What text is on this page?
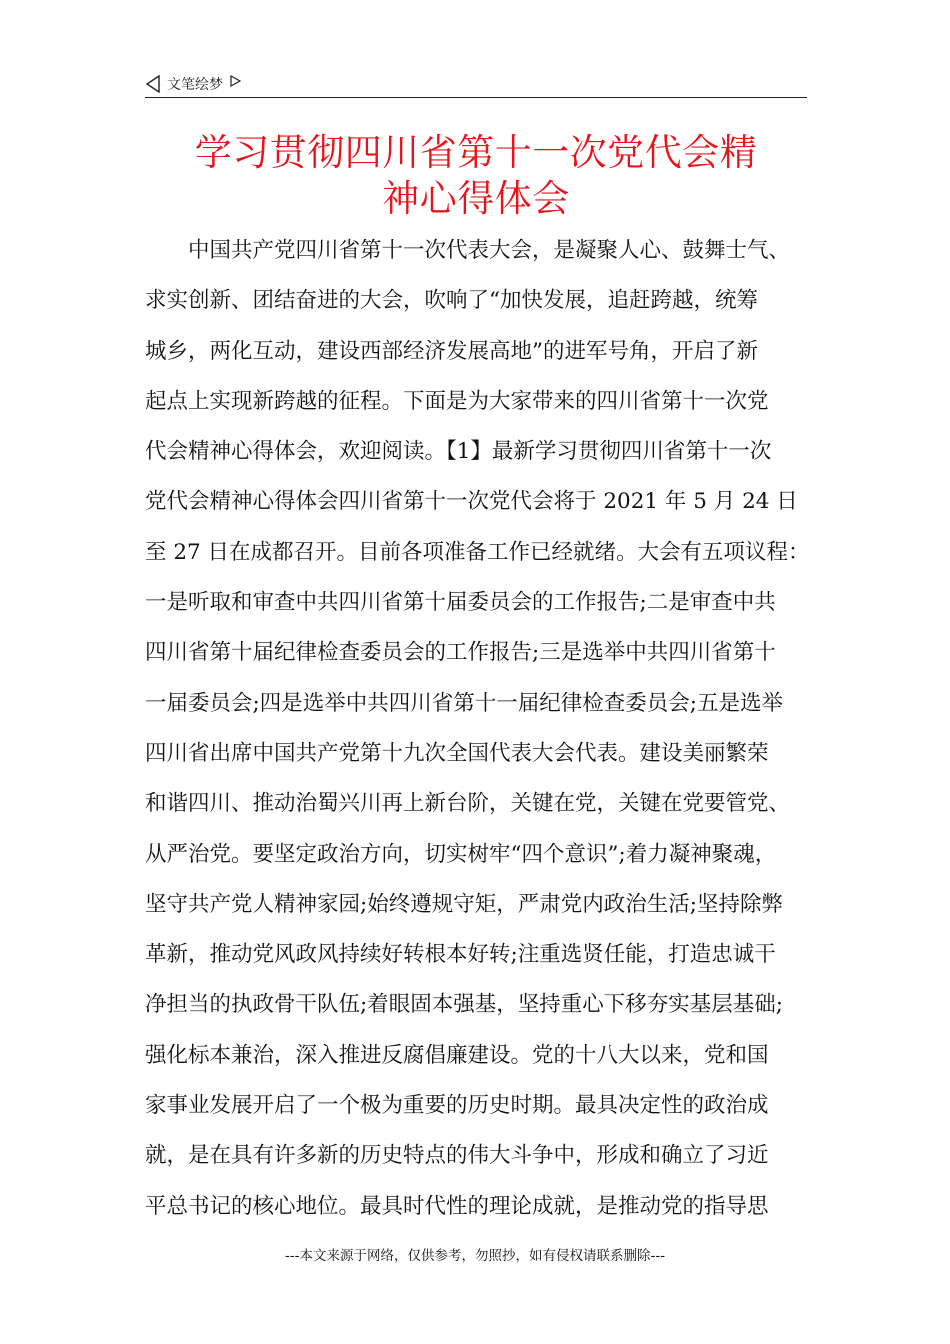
文笔绘梦
学习贯彻四川省第十一次党代会精
神心得体会
　　中国共产党四川省第十一次代表大会，是凝聚人心、鼓舞士气、
求实创新、团结奋进的大会，吹响了“加快发展，追赶跨越，统筹
城乡，两化互动，建设西部经济发展高地”的进军号角，开启了新
起点上实现新跨越的征程。下面是为大家带来的四川省第十一次党
代会精神心得体会，欢迎阅读。【1】最新学习贯彻四川省第十一次
党代会精神心得体会四川省第十一次党代会将于 2021 年 5 月 24 日
至 27 日在成都召开。目前各项准备工作已经就绪。大会有五项议程：
一是听取和审查中共四川省第十届委员会的工作报告;二是审查中共
四川省第十届纪律检查委员会的工作报告;三是选举中共四川省第十
一届委员会;四是选举中共四川省第十一届纪律检查委员会;五是选举
四川省出席中国共产党第十九次全国代表大会代表。建设美丽繁荣
和谐四川、推动治蜀兴川再上新台阶，关键在党，关键在党要管党、
从严治党。要坚定政治方向，切实树牢“四个意识”;着力凝神聚魂，
坚守共产党人精神家园;始终遵规守矩，严肃党内政治生活;坚持除弊
革新，推动党风政风持续好转根本好转;注重选贤任能，打造忠诚干
净担当的执政骨干队伍;着眼固本强基，坚持重心下移夯实基层基础;
强化标本兼治，深入推进反腐倡廉建设。党的十八大以来，党和国
家事业发展开启了一个极为重要的历史时期。最具决定性的政治成
就，是在具有许多新的历史特点的伟大斗争中，形成和确立了习近
平总书记的核心地位。最具时代性的理论成就，是推动党的指导思
---本文来源于网络，仅供参考，勿照抄，如有侵权请联系删除---
